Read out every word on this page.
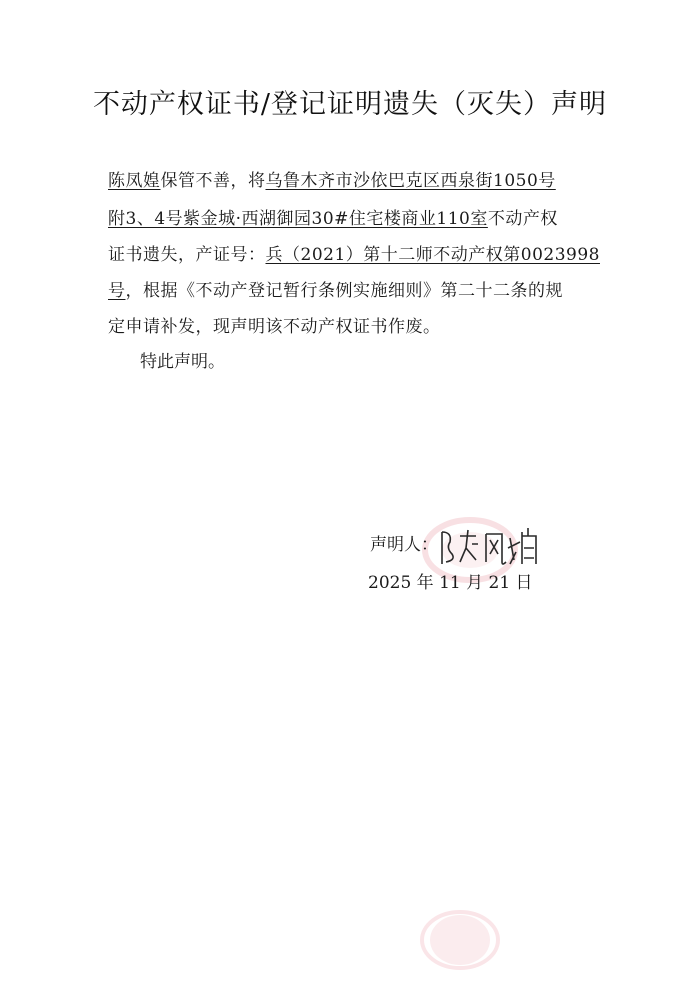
不动产权证书/登记证明遗失（灭失）声明
陈凤媓保管不善，将乌鲁木齐市沙依巴克区西泉街1050号
附3、4号紫金城·西湖御园30#住宅楼商业110室不动产权
证书遗失，产证号：兵（2021）第十二师不动产权第0023998
号，根据《不动产登记暂行条例实施细则》第二十二条的规
定申请补发，现声明该不动产权证书作废。
特此声明。
声明人：
2025 年 11 月 21 日
